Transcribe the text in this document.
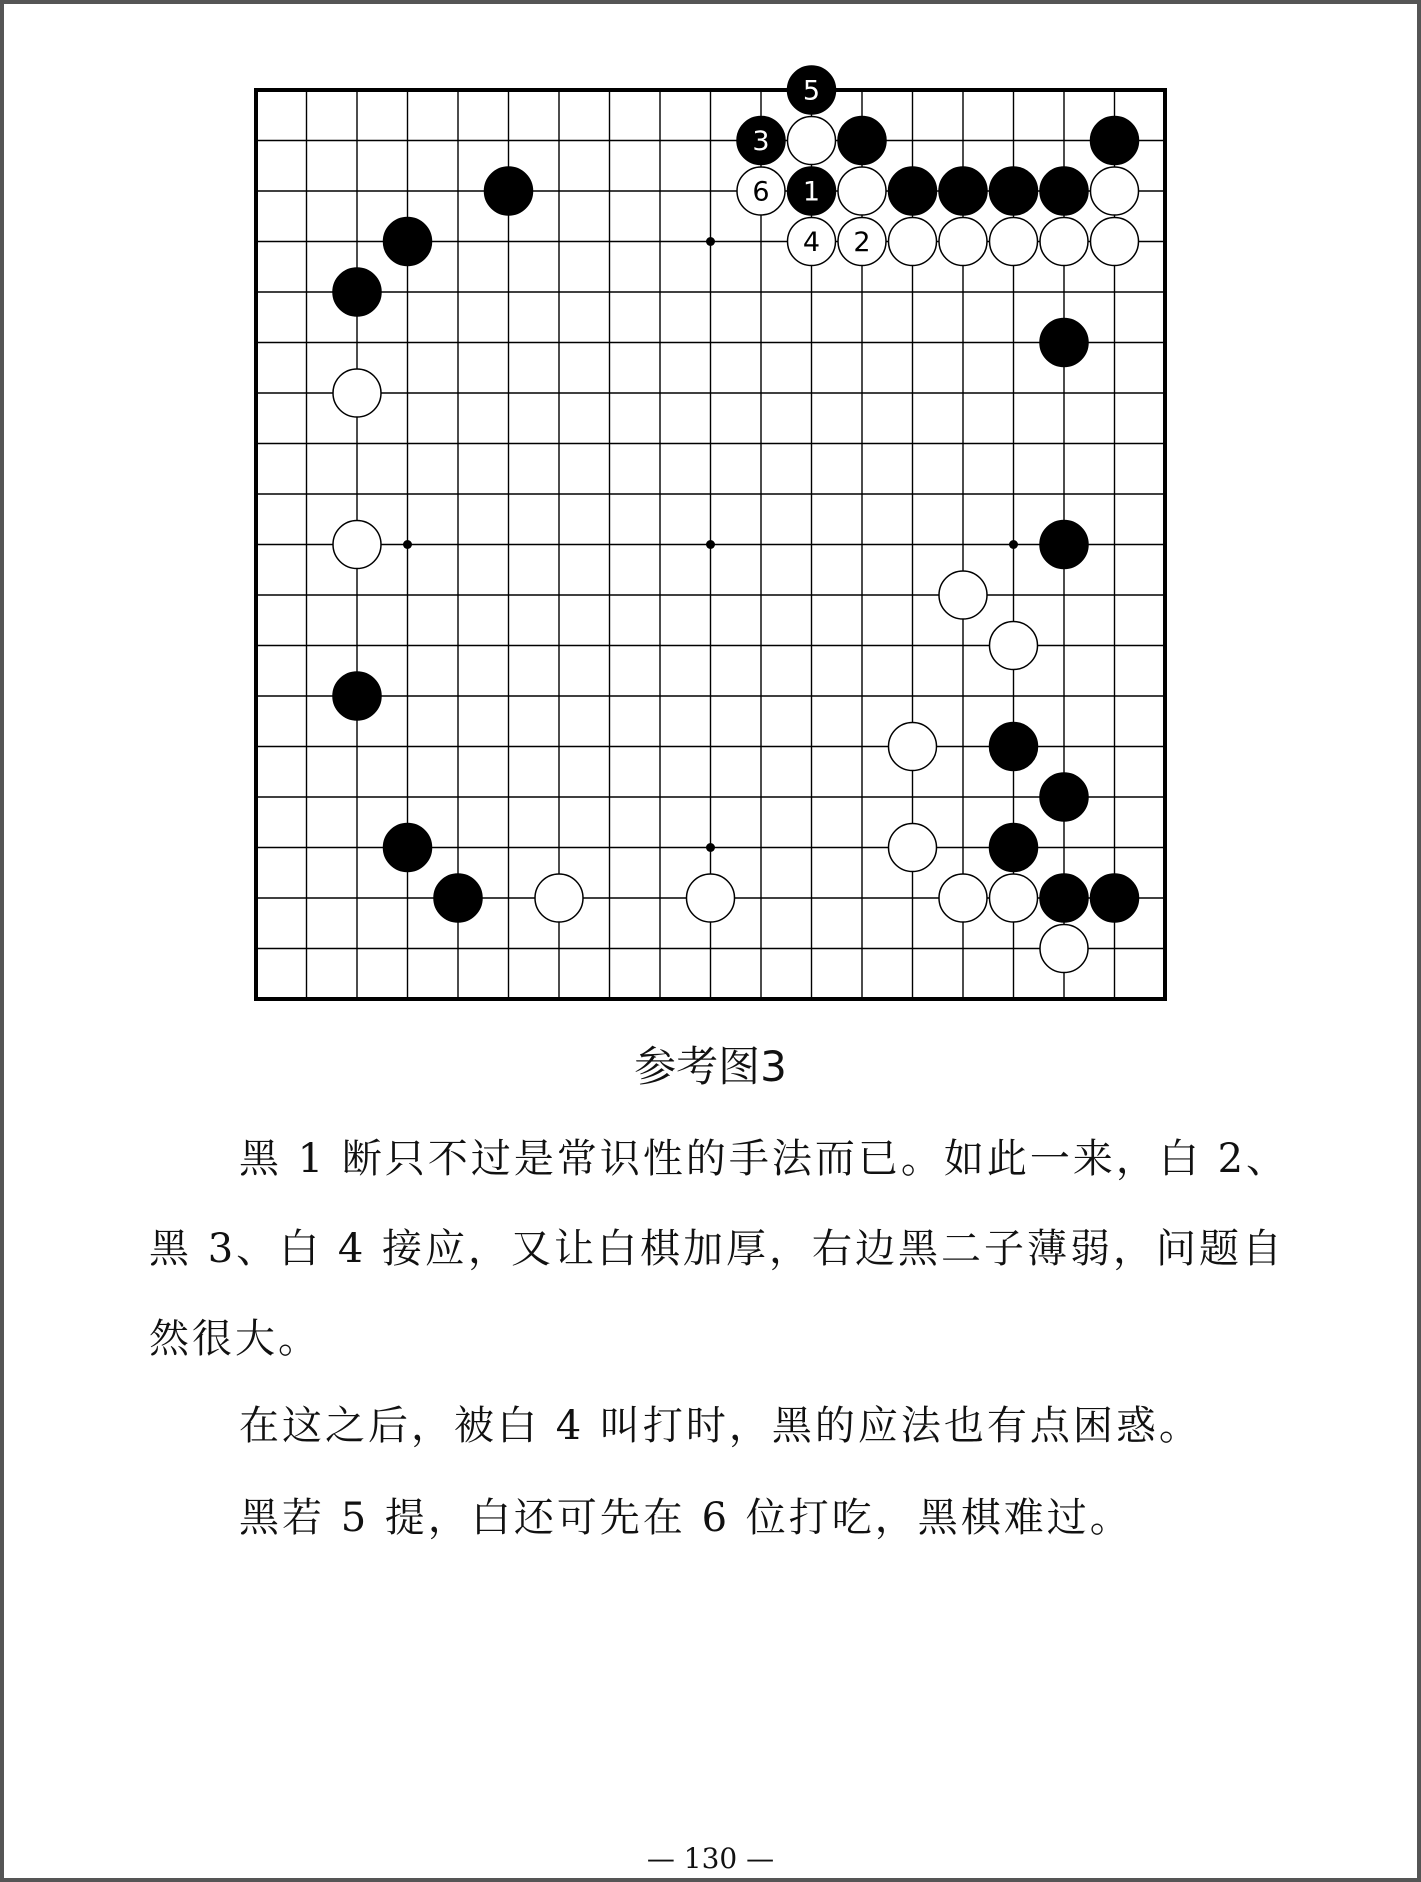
1
2
3
4
5
6
参考图3

黑 1 断只不过是常识性的手法而已。如此一来，白 2、黑 3、白 4 接应，又让白棋加厚，右边黑二子薄弱，问题自然很大。

在这之后，被白 4 叫打时，黑的应法也有点困惑。

黑若 5 提，白还可先在 6 位打吃，黑棋难过。

— 130 —
